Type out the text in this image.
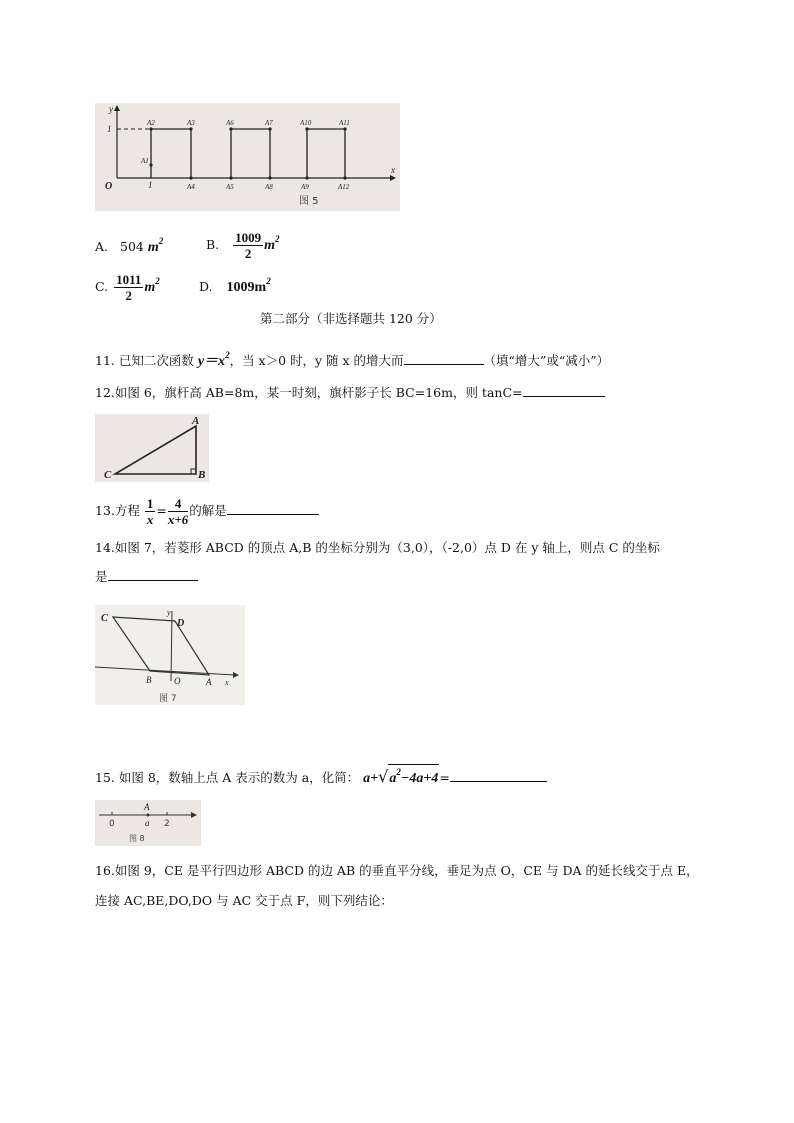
y
x
O
1
1
A1
A2	A3
A4	A5
A6	A7
A8	A9
A10	A11
A12
图 5
A. 504 $m^2$	B. $\frac{1009}{2} m^2$
C. $\frac{1011}{2} m^2$	D. $1009m^2$
第二部分（非选择题共 120 分）
11. 已知二次函数 $y=x^2$，当 x＞0 时，y 随 x 的增大而	（填“增大”或“减小”）
12.如图 6，旗杆高 AB=8m，某一时刻，旗杆影子长 BC=16m，则 tanC=
A
B
C
13.方程 $\frac{1}{x} = \frac{4}{x+6}$ 的解是
14.如图 7，若菱形 ABCD 的顶点 A,B 的坐标分别为（3,0），（-2,0）点 D 在 y 轴上，则点 C 的坐标
是
C	D
y
B	O	A x
图 7
15. 如图 8，数轴上点 A 表示的数为 a，化简： $a+√a^2-4a+4=$
A
0	a 2
图 8
16.如图 9，CE 是平行四边形 ABCD 的边 AB 的垂直平分线，垂足为点 O，CE 与 DA 的延长线交于点 E，
连接 AC,BE,DO,DO 与 AC 交于点 F，则下列结论：
